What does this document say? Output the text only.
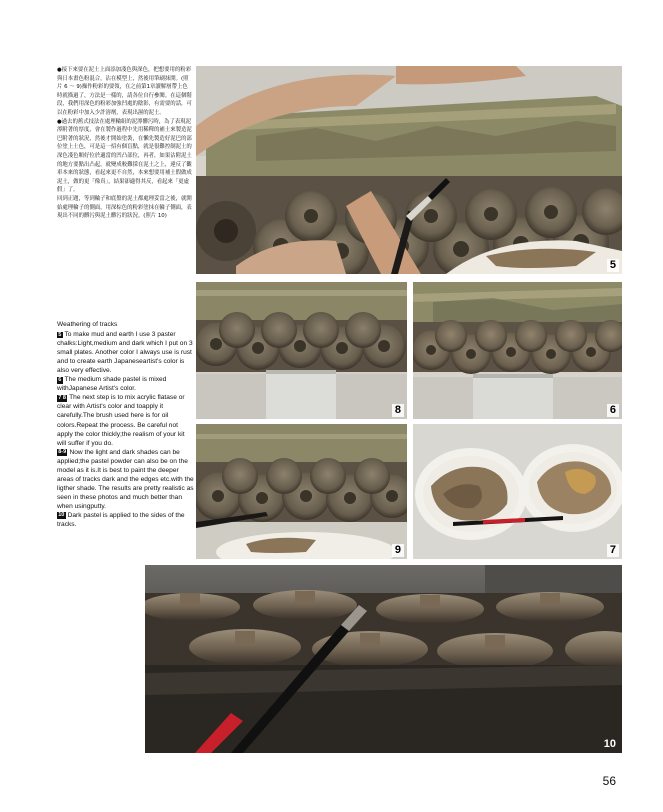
●接下來要在泥土上面添加淺色與深色，把想要用的粉彩與日本畫色粉混合，沾在模型上，然後用筆刷抹開。(照片 6 ～ 9)操作粉彩的要領，在之前第1章讀解層帶上色時就描過了，方法是一樣的，請各位自行參閱。在這個階段，我們用深色的粉彩加強凹處的陰影，有需要的話，可以在粉彩中加入少許溶劑，表現出濕的泥土。

●過去的舊式技法在處理輪組的泥濘髒污時，為了表現泥濘附著的厚度，會在製作過程中先用稀釋的補土來製造泥巴附著的狀況，然後才開始塗裝，在懶先製造好泥巴的部位塗上土色，可是這一招有個盲點，就是很難控制泥土的深色淺色顆好位於適當的凹凸部位，再者，如果沾附泥土的地方要點出凸起，就變成較難採在泥土之上，違反了觀車本來的狀態，看起來更不自然，本來想要用補土假做成泥土，做的更「像真」，結果卻適得其反，看起來「更虛假」了。

回到正題，等到輪子和底盤的泥土都處理妥當之後，就開始處理輪子的側面，用深棕色的粉彩塗抹在輪子側面，表現出不同的髒污與泥土髒污的狀況。(照片 10)

Weathering of tracks

5 To make mud and earth I use 3 paster chalks:Light,medium and dark which I put on 3 small plates. Another color I always use is rust and to create earth Japaneseartist's color is also very effective.

6 The medium shade pastel is mixed withJapanese Artist's color.

7 8 The next step is to mix acrylic flatase or clear with Artist's color and toapply it carefully.The brush used here is for oil colors.Repeat the process. Be careful not apply the color thickly;the realism of your kit will suffer if you do.

8-9 Now the light and dark shades can be applied;the pastel powder can also be on the model as it is.It is best to paint the deeper areas of tracks dark and the edges etc.with the ligther shade. The results are pretty realistic as seen in these photos and much better than when usingputty.

10 Dark pastel is applied to the sides of the tracks.

5
8	6
9	7
10
56
